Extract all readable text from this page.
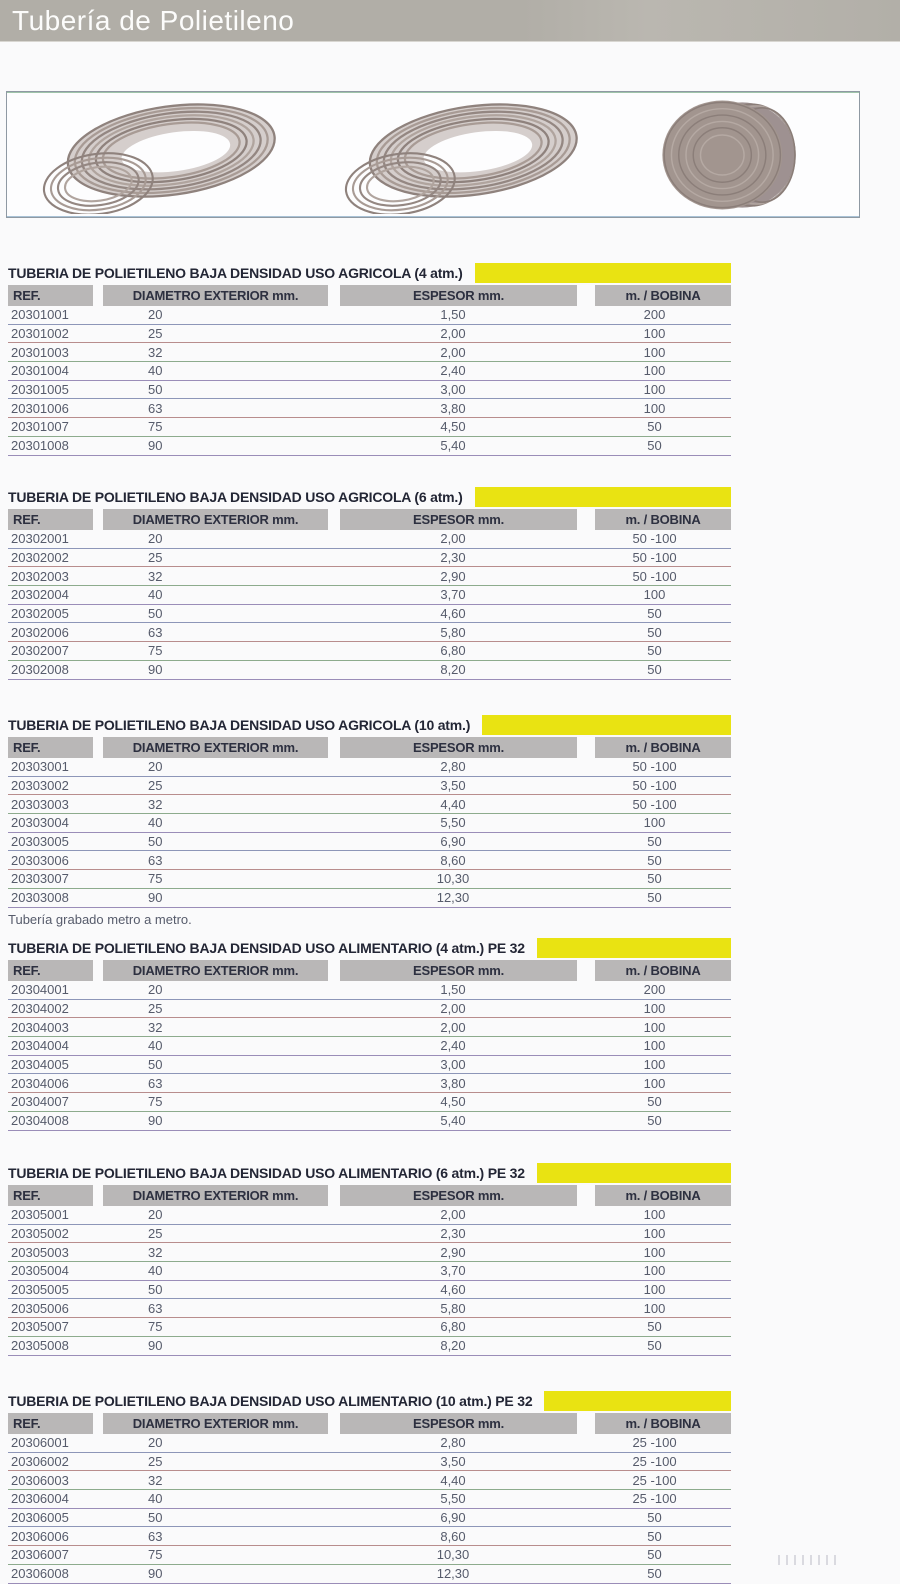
Tubería de Polietileno
TUBERIA DE POLIETILENO BAJA DENSIDAD USO AGRICOLA (4 atm.)
REF.	DIAMETRO EXTERIOR mm.	ESPESOR mm.	m. / BOBINA
20301001	20	1,50	200
20301002	25	2,00	100
20301003	32	2,00	100
20301004	40	2,40	100
20301005	50	3,00	100
20301006	63	3,80	100
20301007	75	4,50	50
20301008	90	5,40	50
TUBERIA DE POLIETILENO BAJA DENSIDAD USO AGRICOLA (6 atm.)
REF.	DIAMETRO EXTERIOR mm.	ESPESOR mm.	m. / BOBINA
20302001	20	2,00	50 -100
20302002	25	2,30	50 -100
20302003	32	2,90	50 -100
20302004	40	3,70	100
20302005	50	4,60	50
20302006	63	5,80	50
20302007	75	6,80	50
20302008	90	8,20	50
TUBERIA DE POLIETILENO BAJA DENSIDAD USO AGRICOLA (10 atm.)
REF.	DIAMETRO EXTERIOR mm.	ESPESOR mm.	m. / BOBINA
20303001	20	2,80	50 -100
20303002	25	3,50	50 -100
20303003	32	4,40	50 -100
20303004	40	5,50	100
20303005	50	6,90	50
20303006	63	8,60	50
20303007	75	10,30	50
20303008	90	12,30	50
Tubería grabado metro a metro.
TUBERIA DE POLIETILENO BAJA DENSIDAD USO ALIMENTARIO (4 atm.) PE 32
REF.	DIAMETRO EXTERIOR mm.	ESPESOR mm.	m. / BOBINA
20304001	20	1,50	200
20304002	25	2,00	100
20304003	32	2,00	100
20304004	40	2,40	100
20304005	50	3,00	100
20304006	63	3,80	100
20304007	75	4,50	50
20304008	90	5,40	50
TUBERIA DE POLIETILENO BAJA DENSIDAD USO ALIMENTARIO (6 atm.) PE 32
REF.	DIAMETRO EXTERIOR mm.	ESPESOR mm.	m. / BOBINA
20305001	20	2,00	100
20305002	25	2,30	100
20305003	32	2,90	100
20305004	40	3,70	100
20305005	50	4,60	100
20305006	63	5,80	100
20305007	75	6,80	50
20305008	90	8,20	50
TUBERIA DE POLIETILENO BAJA DENSIDAD USO ALIMENTARIO (10 atm.) PE 32
REF.	DIAMETRO EXTERIOR mm.	ESPESOR mm.	m. / BOBINA
20306001	20	2,80	25 -100
20306002	25	3,50	25 -100
20306003	32	4,40	25 -100
20306004	40	5,50	25 -100
20306005	50	6,90	50
20306006	63	8,60	50
20306007	75	10,30	50
20306008	90	12,30	50
